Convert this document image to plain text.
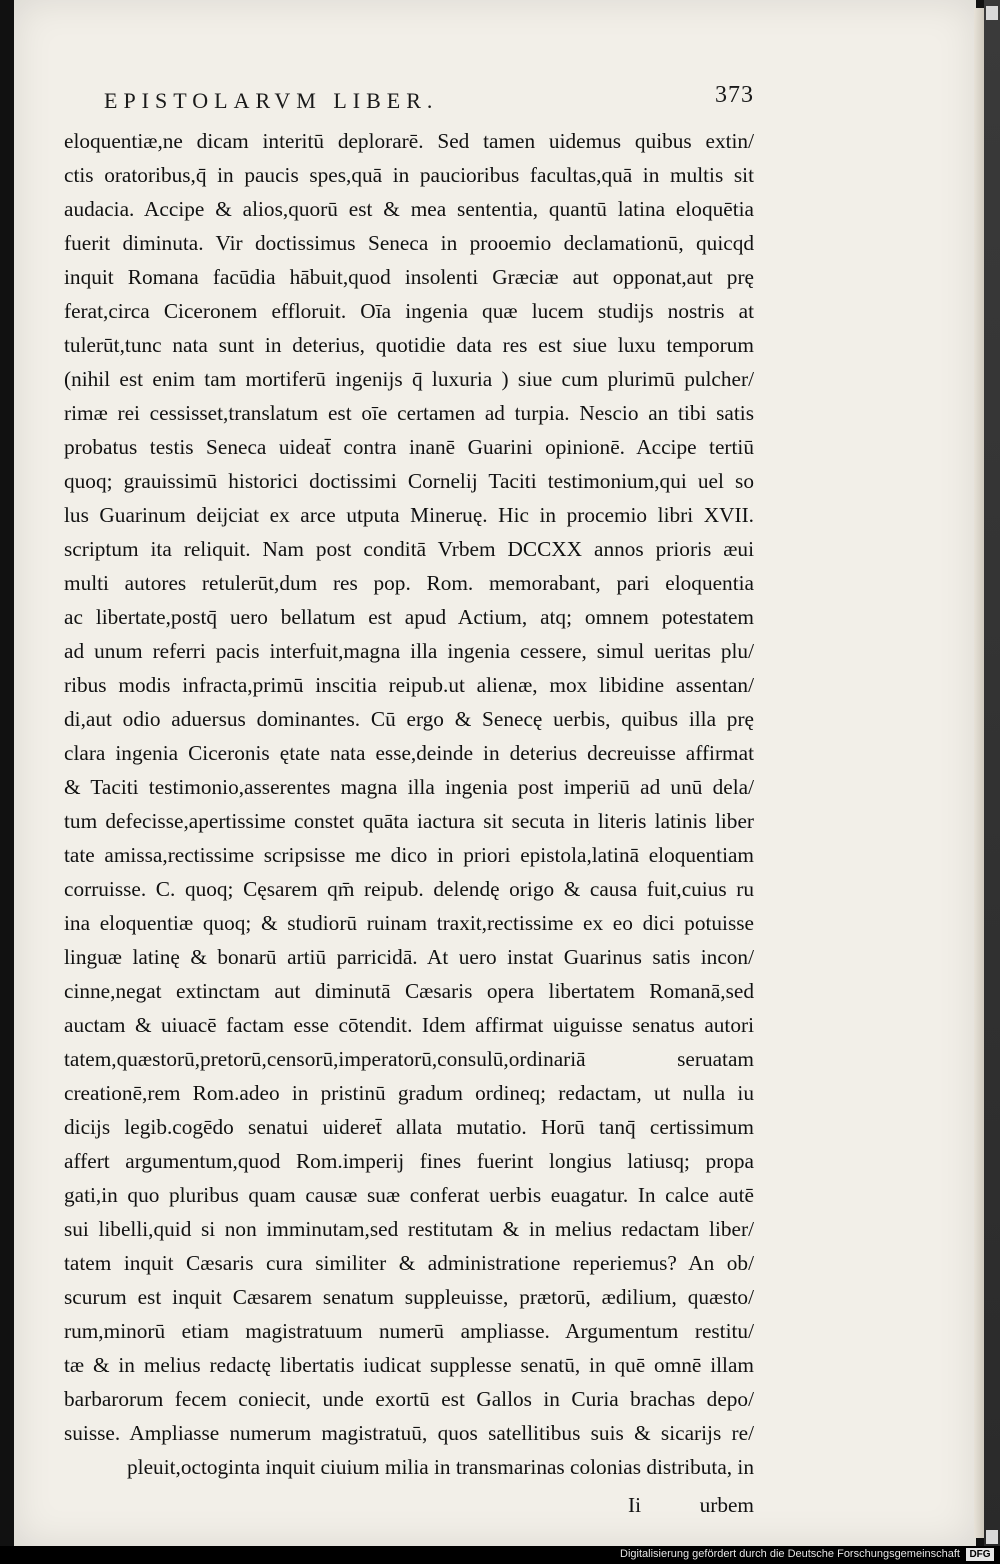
EPISTOLARVM LIBER.	373
eloquentiæ,ne dicam interitū deplorarē. Sed tamen uidemus quibus extin/
ctis oratoribus,q̄ in paucis spes,quā in paucioribus facultas,quā in multis sit
audacia. Accipe & alios,quorū est & mea sententia, quantū latina eloquētia
fuerit diminuta. Vir doctissimus Seneca in prooemio declamationū, quicqd
inquit Romana facūdia hābuit,quod insolenti Græciæ aut opponat,aut prę
ferat,circa Ciceronem effloruit. Oīa ingenia quæ lucem studijs nostris at
tulerūt,tunc nata sunt in deterius, quotidie data res est siue luxu temporum
(nihil est enim tam mortiferū ingenijs q̄ luxuria ) siue cum plurimū pulcher/
rimæ rei cessisset,translatum est oīe certamen ad turpia. Nescio an tibi satis
probatus testis Seneca uideat̄ contra inanē Guarini opinionē. Accipe tertiū
quoq; grauissimū historici doctissimi Cornelij Taciti testimonium,qui uel so
lus Guarinum deijciat ex arce utputa Mineruę. Hic in procemio libri XVII.
scriptum ita reliquit. Nam post conditā Vrbem DCCXX annos prioris æui
multi autores retulerūt,dum res pop. Rom. memorabant, pari eloquentia
ac libertate,postq̄ uero bellatum est apud Actium, atq; omnem potestatem
ad unum referri pacis interfuit,magna illa ingenia cessere, simul ueritas plu/
ribus modis infracta,primū inscitia reipub.ut alienæ, mox libidine assentan/
di,aut odio aduersus dominantes. Cū ergo & Senecę uerbis, quibus illa prę
clara ingenia Ciceronis ętate nata esse,deinde in deterius decreuisse affirmat
& Taciti testimonio,asserentes magna illa ingenia post imperiū ad unū dela/
tum defecisse,apertissime constet quāta iactura sit secuta in literis latinis liber
tate amissa,rectissime scripsisse me dico in priori epistola,latinā eloquentiam
corruisse. C. quoq; Cęsarem qm̄ reipub. delendę origo & causa fuit,cuius ru
ina eloquentiæ quoq; & studiorū ruinam traxit,rectissime ex eo dici potuisse
linguæ latinę & bonarū artiū parricidā. At uero instat Guarinus satis incon/
cinne,negat extinctam aut diminutā Cæsaris opera libertatem Romanā,sed
auctam & uiuacē factam esse cōtendit. Idem affirmat uiguisse senatus autori
tatem,quæstorū,pretorū,censorū,imperatorū,consulū,ordinariā seruatam
creationē,rem Rom.adeo in pristinū gradum ordineq; redactam, ut nulla iu
dicijs legib.cogēdo senatui uideret̄ allata mutatio. Horū tanq̄ certissimum
affert argumentum,quod Rom.imperij fines fuerint longius latiusq; propa
gati,in quo pluribus quam causæ suæ conferat uerbis euagatur. In calce autē
sui libelli,quid si non imminutam,sed restitutam & in melius redactam liber/
tatem inquit Cæsaris cura similiter & administratione reperiemus? An ob/
scurum est inquit Cæsarem senatum suppleuisse, prætorū, ædilium, quæsto/
rum,minorū etiam magistratuum numerū ampliasse. Argumentum restitu/
tæ & in melius redactę libertatis iudicat supplesse senatū, in quē omnē illam
barbarorum fecem coniecit, unde exortū est Gallos in Curia brachas depo/
suisse. Ampliasse numerum magistratuū, quos satellitibus suis & sicarijs re/
pleuit,octoginta inquit ciuium milia in transmarinas colonias distributa, in
Ii	urbem
Digitalisierung gefördert durch die Deutsche Forschungsgemeinschaft DFG
